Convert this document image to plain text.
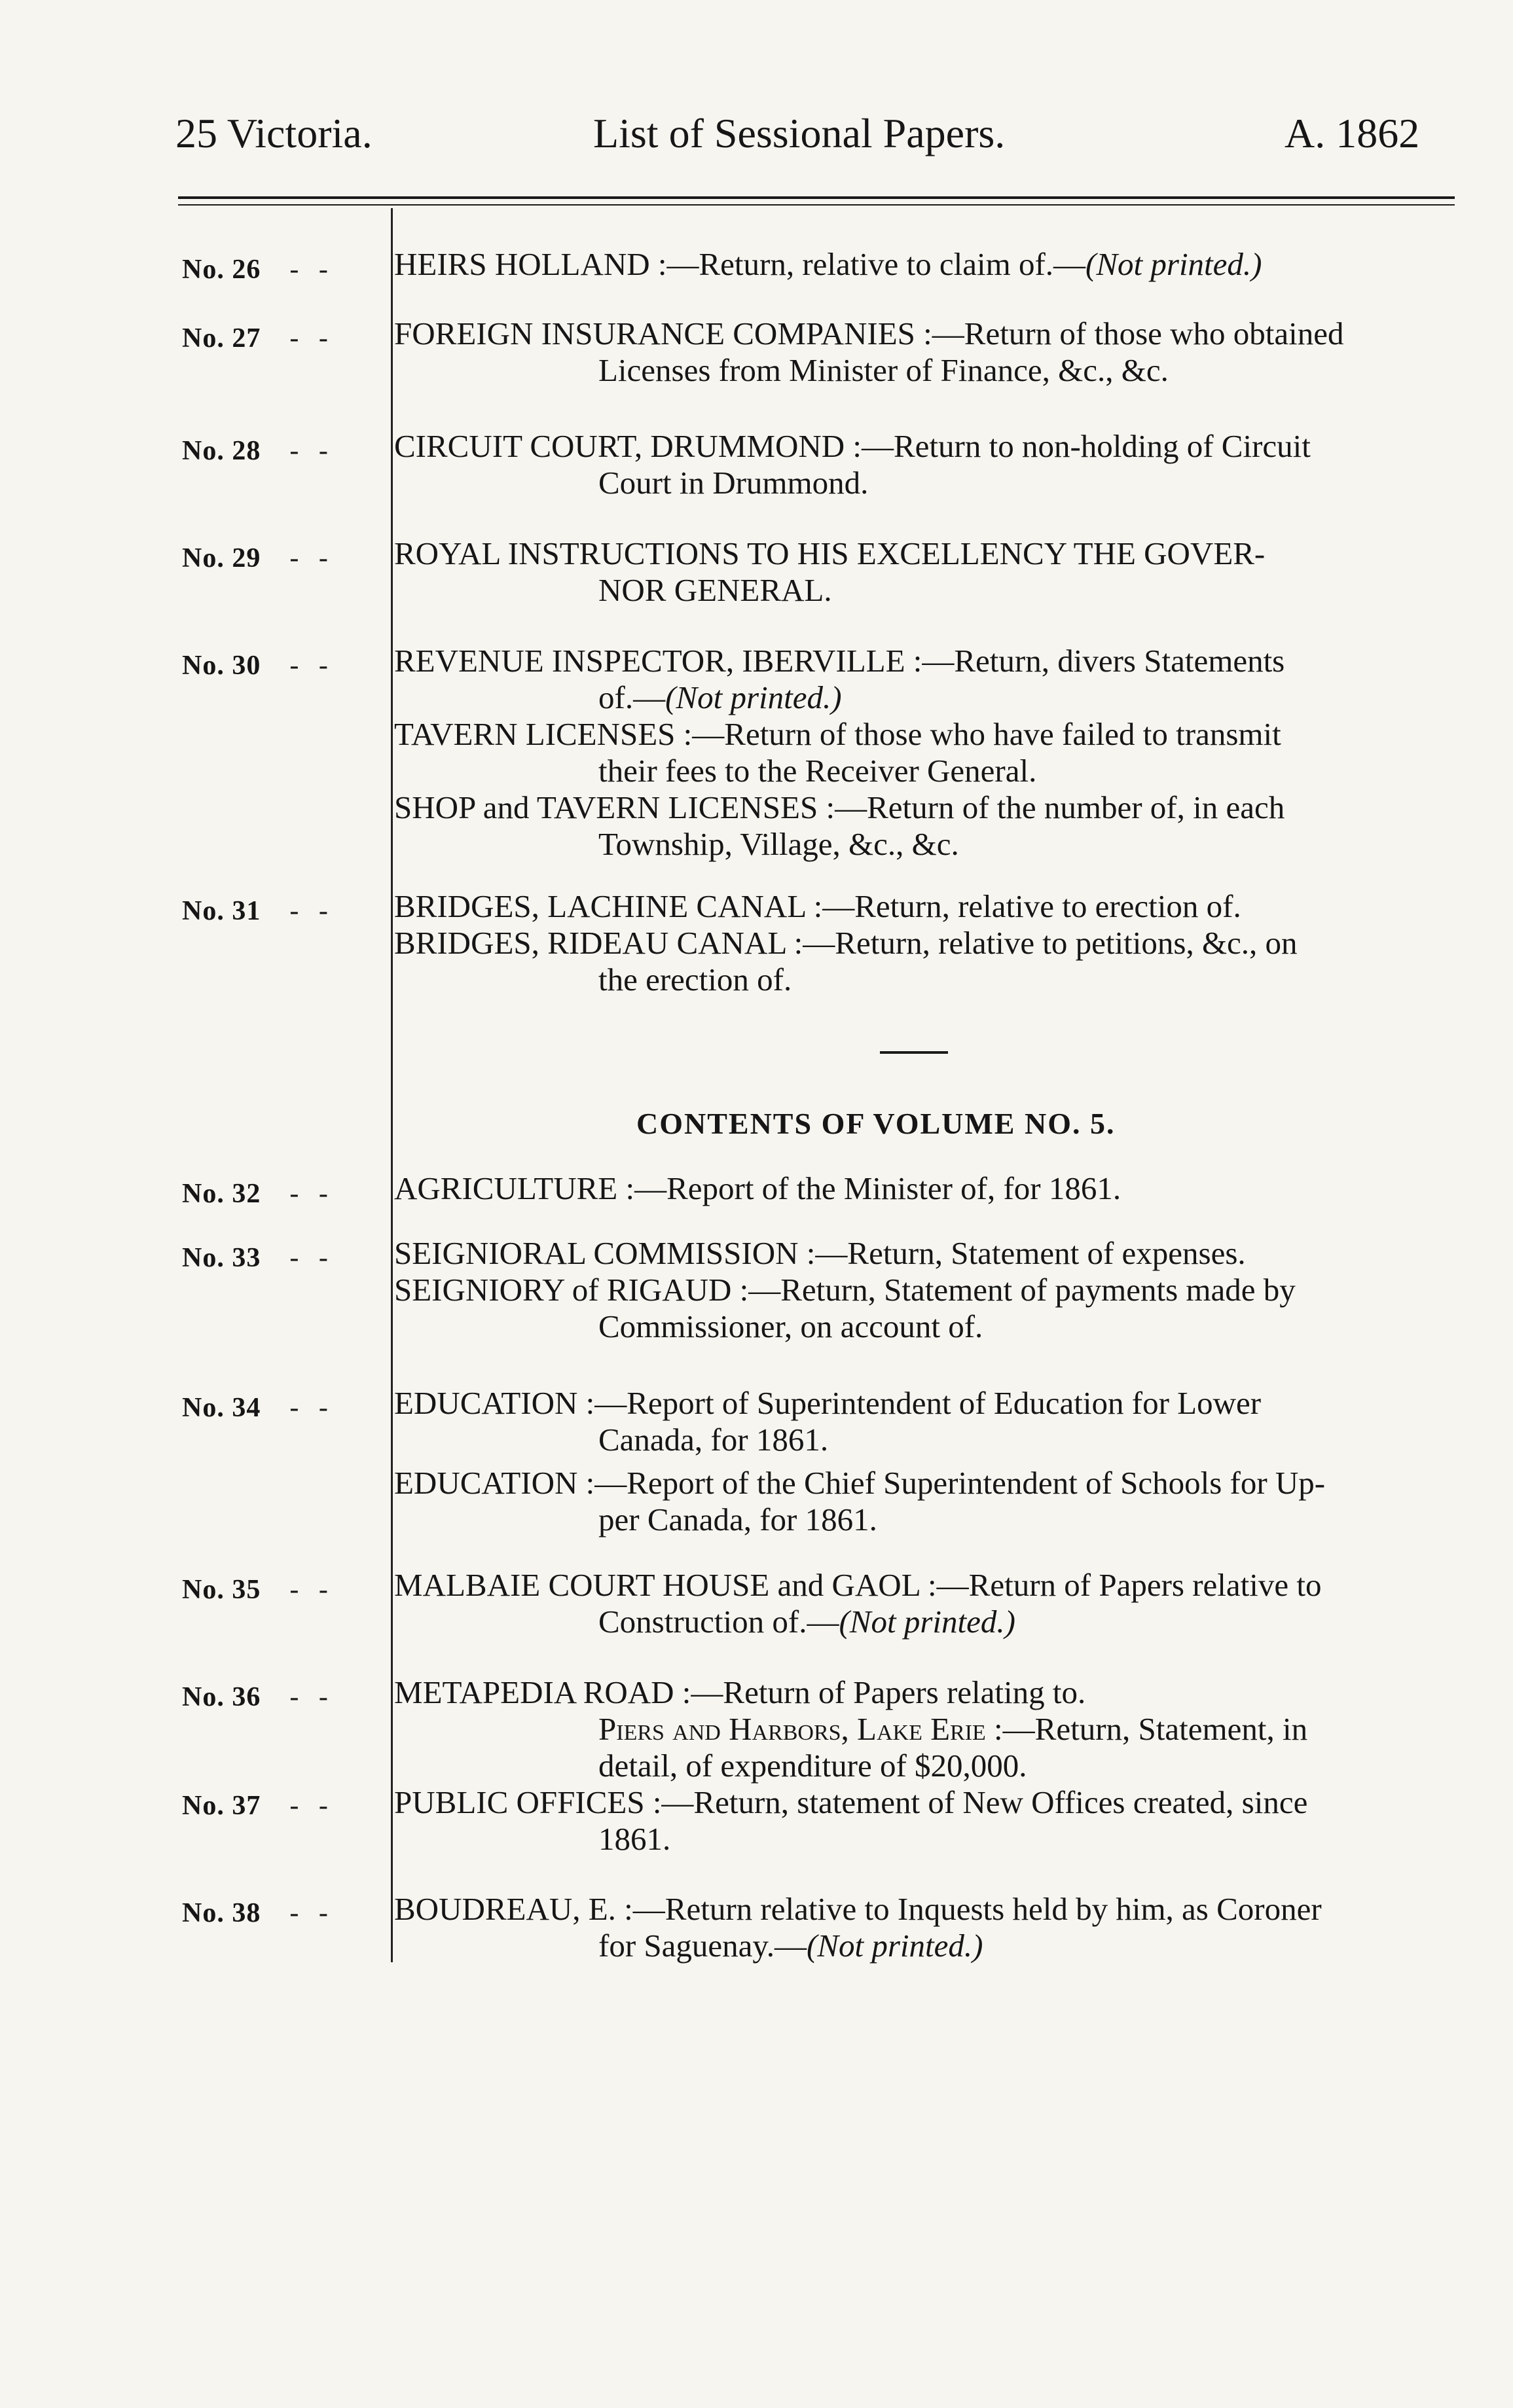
25 Victoria.	List of Sessional Papers.	A. 1862
No. 26 - - HEIRS HOLLAND :—Return, relative to claim of.—(Not printed.)
No. 27 - - FOREIGN INSURANCE COMPANIES :—Return of those who obtained
Licenses from Minister of Finance, &c., &c.
No. 28 - - CIRCUIT COURT, DRUMMOND :—Return to non-holding of Circuit
Court in Drummond.
No. 29 - - ROYAL INSTRUCTIONS TO HIS EXCELLENCY THE GOVER-
NOR GENERAL.
No. 30 - - REVENUE INSPECTOR, IBERVILLE :—Return, divers Statements
of.—(Not printed.)
TAVERN LICENSES :—Return of those who have failed to transmit
their fees to the Receiver General.
SHOP and TAVERN LICENSES :—Return of the number of, in each
Township, Village, &c., &c.
No. 31 - - BRIDGES, LACHINE CANAL :—Return, relative to erection of.
BRIDGES, RIDEAU CANAL :—Return, relative to petitions, &c., on
the erection of.
CONTENTS OF VOLUME NO. 5.
No. 32 - - AGRICULTURE :—Report of the Minister of, for 1861.
No. 33 - - SEIGNIORAL COMMISSION :—Return, Statement of expenses.
SEIGNIORY of RIGAUD :—Return, Statement of payments made by
Commissioner, on account of.
No. 34 - - EDUCATION :—Report of Superintendent of Education for Lower
Canada, for 1861.
EDUCATION :—Report of the Chief Superintendent of Schools for Up-
per Canada, for 1861.
No. 35 - - MALBAIE COURT HOUSE and GAOL :—Return of Papers relative to
Construction of.—(Not printed.)
No. 36 - - METAPEDIA ROAD :—Return of Papers relating to.
Piers and Harbors, Lake Erie :—Return, Statement, in
detail, of expenditure of $20,000.
No. 37 - - PUBLIC OFFICES :—Return, statement of New Offices created, since
1861.
No. 38 - - BOUDREAU, E. :—Return relative to Inquests held by him, as Coroner
for Saguenay.—(Not printed.)
